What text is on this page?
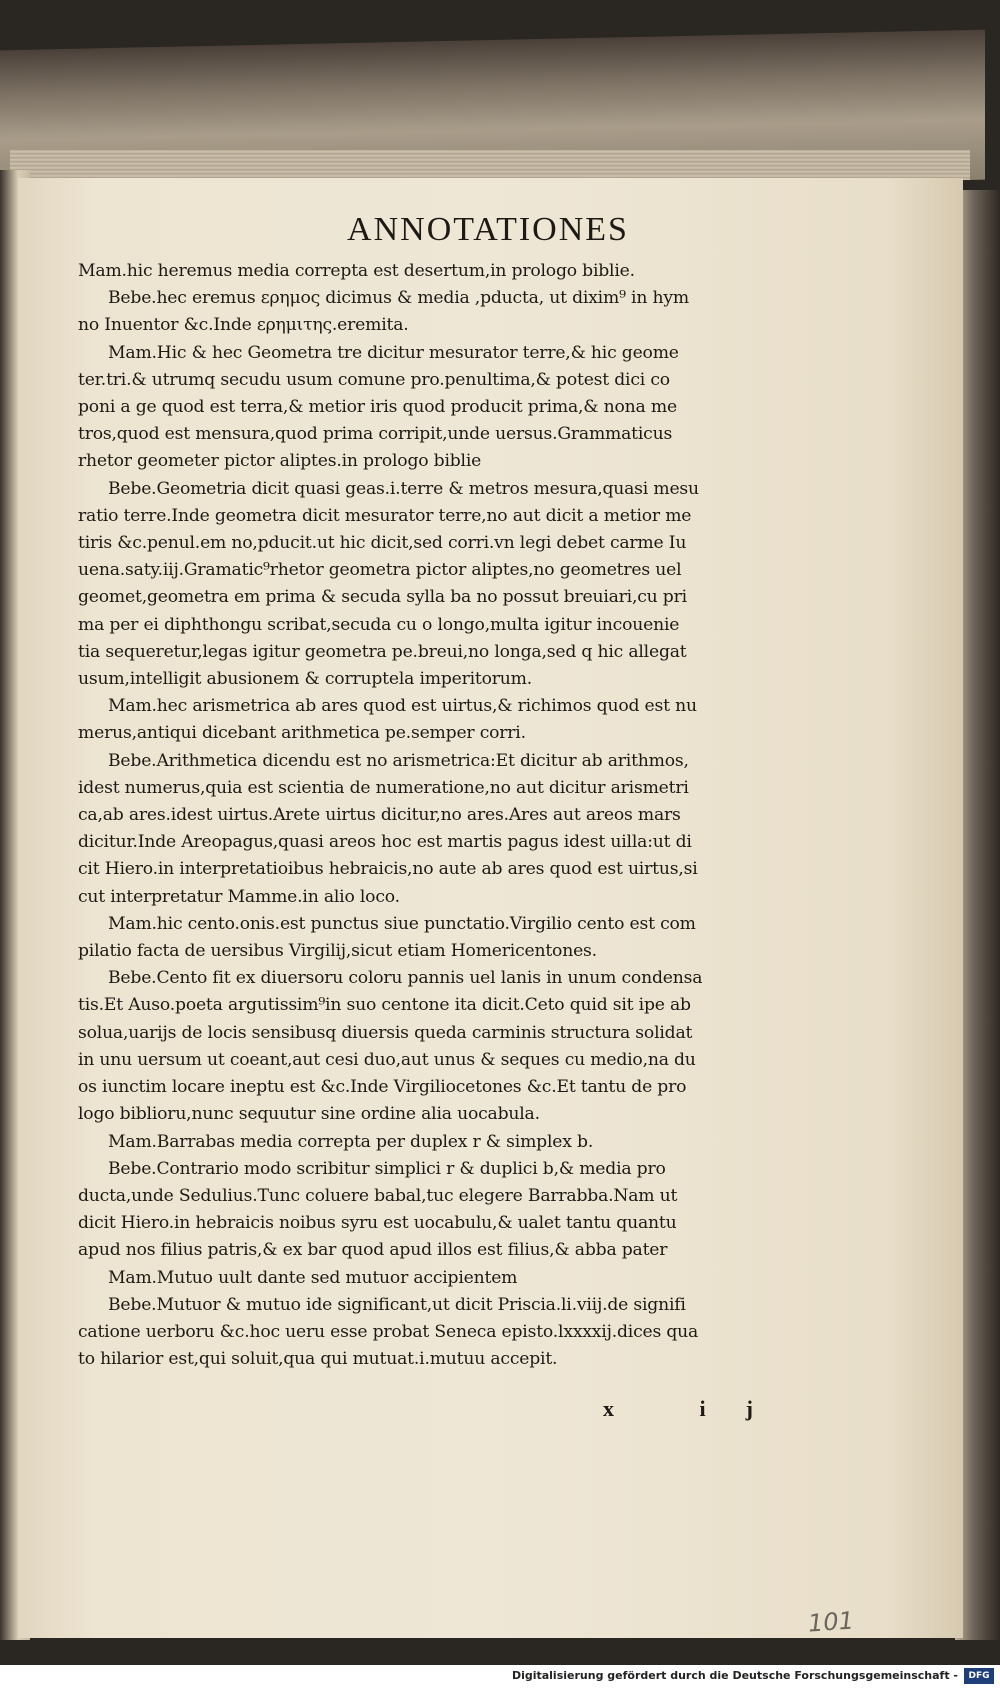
ANNOTATIONES
Mam.hic heremus media correpta est desertum,in prologo biblie.
Bebe.hec eremus ερημος dicimus & media ,pducta, ut dixim⁹ in hym
no Inuentor &c.Inde ερημιτης.eremita.
Mam.Hic & hec Geometra tre dicitur mesurator terre,& hic geome
ter.tri.& utrumq secudu usum comune pro.penultima,& potest dici co
poni a ge quod est terra,& metior iris quod producit prima,& nona me
tros,quod est mensura,quod prima corripit,unde uersus.Grammaticus
rhetor geometer pictor aliptes.in prologo biblie
Bebe.Geometria dicit quasi geas.i.terre & metros mesura,quasi mesu
ratio terre.Inde geometra dicit mesurator terre,no aut dicit a metior me
tiris &c.penul.em no,pducit.ut hic dicit,sed corri.vn legi debet carme Iu
uena.saty.iij.Gramatic⁹rhetor geometra pictor aliptes,no geometres uel
geomet,geometra em prima & secuda sylla ba no possut breuiari,cu pri
ma per ei diphthongu scribat,secuda cu o longo,multa igitur incouenie
tia sequeretur,legas igitur geometra pe.breui,no longa,sed q hic allegat
usum,intelligit abusionem & corruptela imperitorum.
Mam.hec arismetrica ab ares quod est uirtus,& richimos quod est nu
merus,antiqui dicebant arithmetica pe.semper corri.
Bebe.Arithmetica dicendu est no arismetrica:Et dicitur ab arithmos,
idest numerus,quia est scientia de numeratione,no aut dicitur arismetri
ca,ab ares.idest uirtus.Arete uirtus dicitur,no ares.Ares aut areos mars
dicitur.Inde Areopagus,quasi areos hoc est martis pagus idest uilla:ut di
cit Hiero.in interpretatioibus hebraicis,no aute ab ares quod est uirtus,si
cut interpretatur Mamme.in alio loco.
Mam.hic cento.onis.est punctus siue punctatio.Virgilio cento est com
pilatio facta de uersibus Virgilij,sicut etiam Homericentones.
Bebe.Cento fit ex diuersoru coloru pannis uel lanis in unum condensa
tis.Et Auso.poeta argutissim⁹in suo centone ita dicit.Ceto quid sit ipe ab
solua,uarijs de locis sensibusq diuersis queda carminis structura solidat
in unu uersum ut coeant,aut cesi duo,aut unus & seques cu medio,na du
os iunctim locare ineptu est &c.Inde Virgiliocetones &c.Et tantu de pro
logo biblioru,nunc sequutur sine ordine alia uocabula.
Mam.Barrabas media correpta per duplex r & simplex b.
Bebe.Contrario modo scribitur simplici r & duplici b,& media pro
ducta,unde Sedulius.Tunc coluere babal,tuc elegere Barrabba.Nam ut
dicit Hiero.in hebraicis noibus syru est uocabulu,& ualet tantu quantu
apud nos filius patris,& ex bar quod apud illos est filius,& abba pater
Mam.Mutuo uult dante sed mutuor accipientem
Bebe.Mutuor & mutuo ide significant,ut dicit Priscia.li.viij.de signifi
catione uerboru &c.hoc ueru esse probat Seneca episto.lxxxxij.dices qua
to hilarior est,qui soluit,qua qui mutuat.i.mutuu accepit.
x ij
101
Digitalisierung gefördert durch die Deutsche Forschungsgemeinschaft -	DFG
